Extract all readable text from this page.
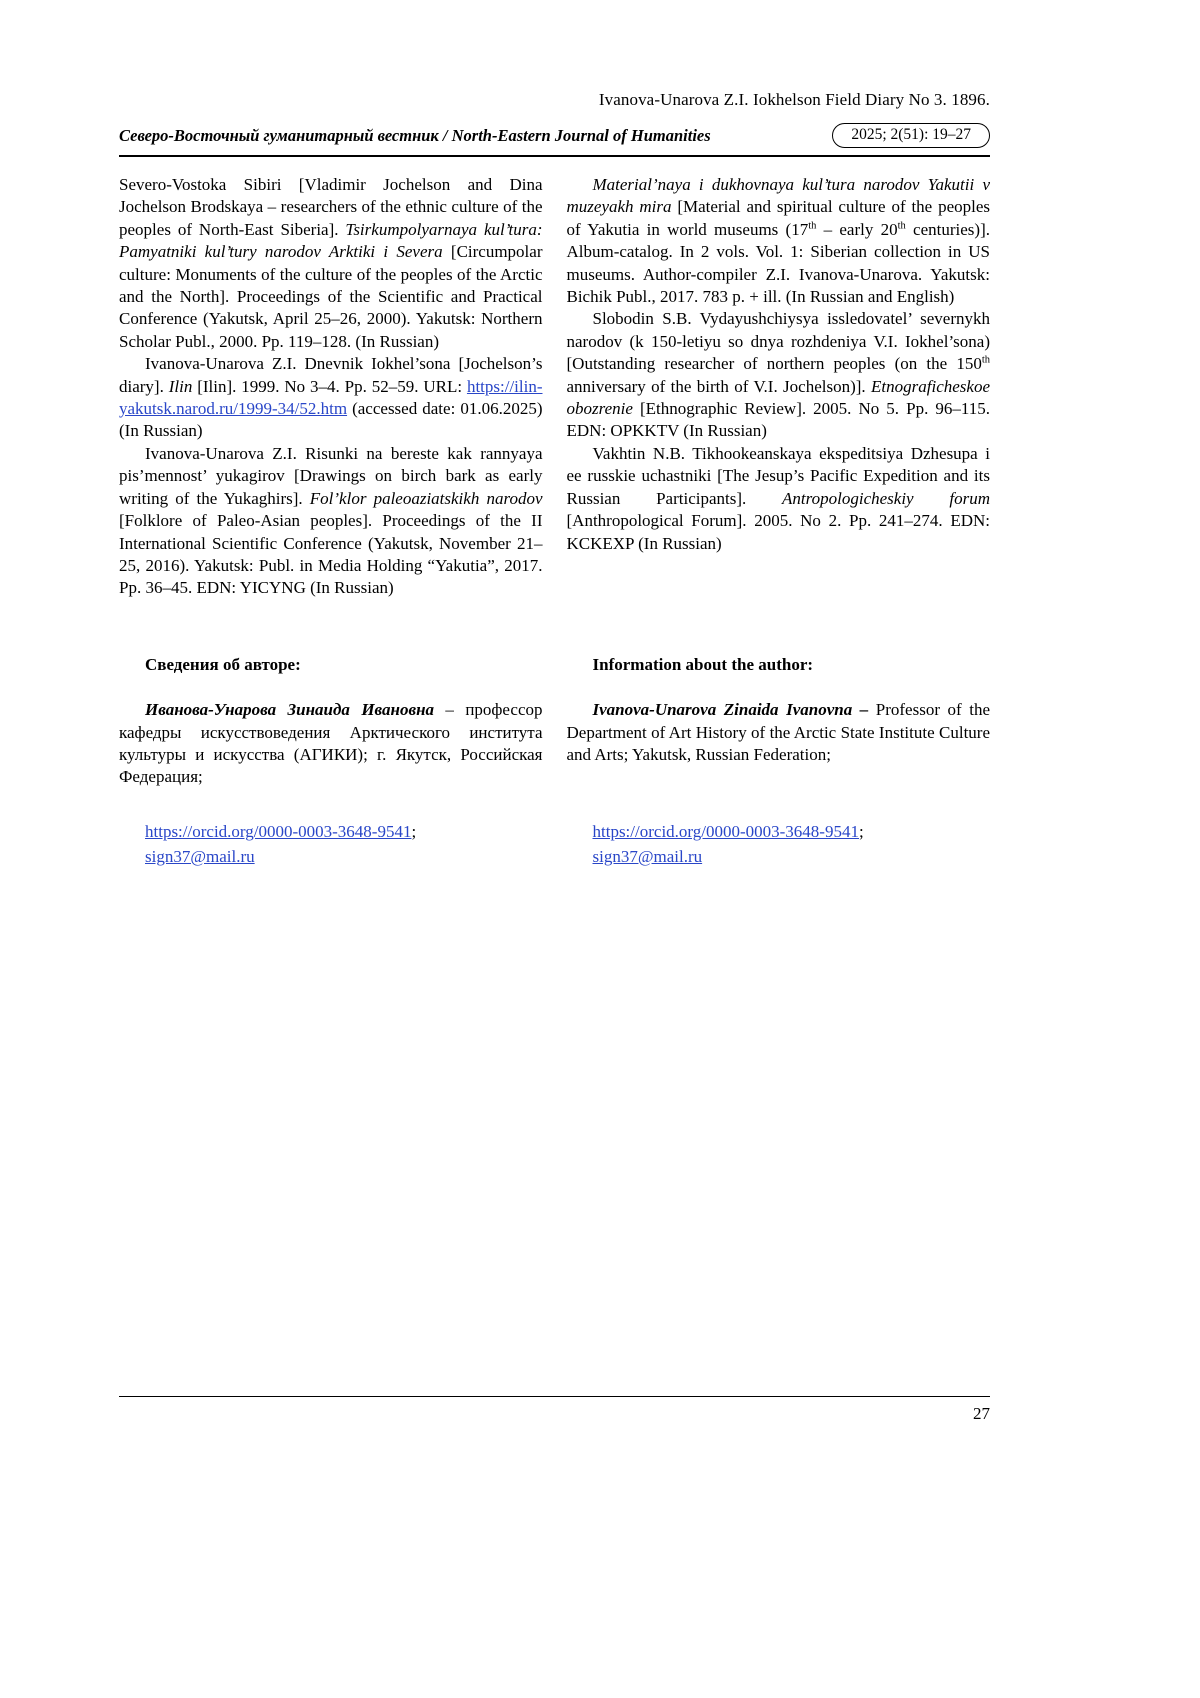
Ivanova-Unarova Z.I. Iokhelson Field Diary No 3. 1896.
Северо-Восточный гуманитарный вестник / North-Eastern Journal of Humanities	2025; 2(51): 19–27

Severo-Vostoka Sibiri [Vladimir Jochelson and Dina Jochelson Brodskaya – researchers of the ethnic culture of the peoples of North-East Siberia]. Tsirkumpolyarnaya kul’tura: Pamyatniki kul’tury narodov Arktiki i Severa [Circumpolar culture: Monuments of the culture of the peoples of the Arctic and the North]. Proceedings of the Scientific and Practical Conference (Yakutsk, April 25–26, 2000). Yakutsk: Northern Scholar Publ., 2000. Pp. 119–128. (In Russian)

Ivanova-Unarova Z.I. Dnevnik Iokhel’sona [Jochelson’s diary]. Ilin [Ilin]. 1999. No 3–4. Pp. 52–59. URL: https://ilin-yakutsk.narod.ru/1999-34/52.htm (accessed date: 01.06.2025) (In Russian)

Ivanova-Unarova Z.I. Risunki na bereste kak rannyaya pis’mennost’ yukagirov [Drawings on birch bark as early writing of the Yukaghirs]. Fol’klor paleoaziatskikh narodov [Folklore of Paleo-Asian peoples]. Proceedings of the II International Scientific Conference (Yakutsk, November 21–25, 2016). Yakutsk: Publ. in Media Holding “Yakutia”, 2017. Pp. 36–45. EDN: YICYNG (In Russian)

Material’naya i dukhovnaya kul’tura narodov Yakutii v muzeyakh mira [Material and spiritual culture of the peoples of Yakutia in world museums (17th – early 20th centuries)]. Album-catalog. In 2 vols. Vol. 1: Siberian collection in US museums. Author-compiler Z.I. Ivanova-Unarova. Yakutsk: Bichik Publ., 2017. 783 p. + ill. (In Russian and English)

Slobodin S.B. Vydayushchiysya issledovatel’ severnykh narodov (k 150-letiyu so dnya rozhdeniya V.I. Iokhel’sona) [Outstanding researcher of northern peoples (on the 150th anniversary of the birth of V.I. Jochelson)]. Etnograficheskoe obozrenie [Ethnographic Review]. 2005. No 5. Pp. 96–115. EDN: OPKKTV (In Russian)

Vakhtin N.B. Tikhookeanskaya ekspeditsiya Dzhesupa i ee russkie uchastniki [The Jesup’s Pacific Expedition and its Russian Participants]. Antropologicheskiy forum [Anthropological Forum]. 2005. No 2. Pp. 241–274. EDN: KCKEXP (In Russian)

Сведения об авторе:	Information about the author:

Иванова-Унарова Зинаида Ивановна – профессор кафедры искусствоведения Арктического института культуры и искусства (АГИКИ); г. Якутск, Российская Федерация;

Ivanova-Unarova Zinaida Ivanovna – Professor of the Department of Art History of the Arctic State Institute Culture and Arts; Yakutsk, Russian Federation;

https://orcid.org/0000-0003-3648-9541;

sign37@mail.ru

https://orcid.org/0000-0003-3648-9541;

sign37@mail.ru

27
